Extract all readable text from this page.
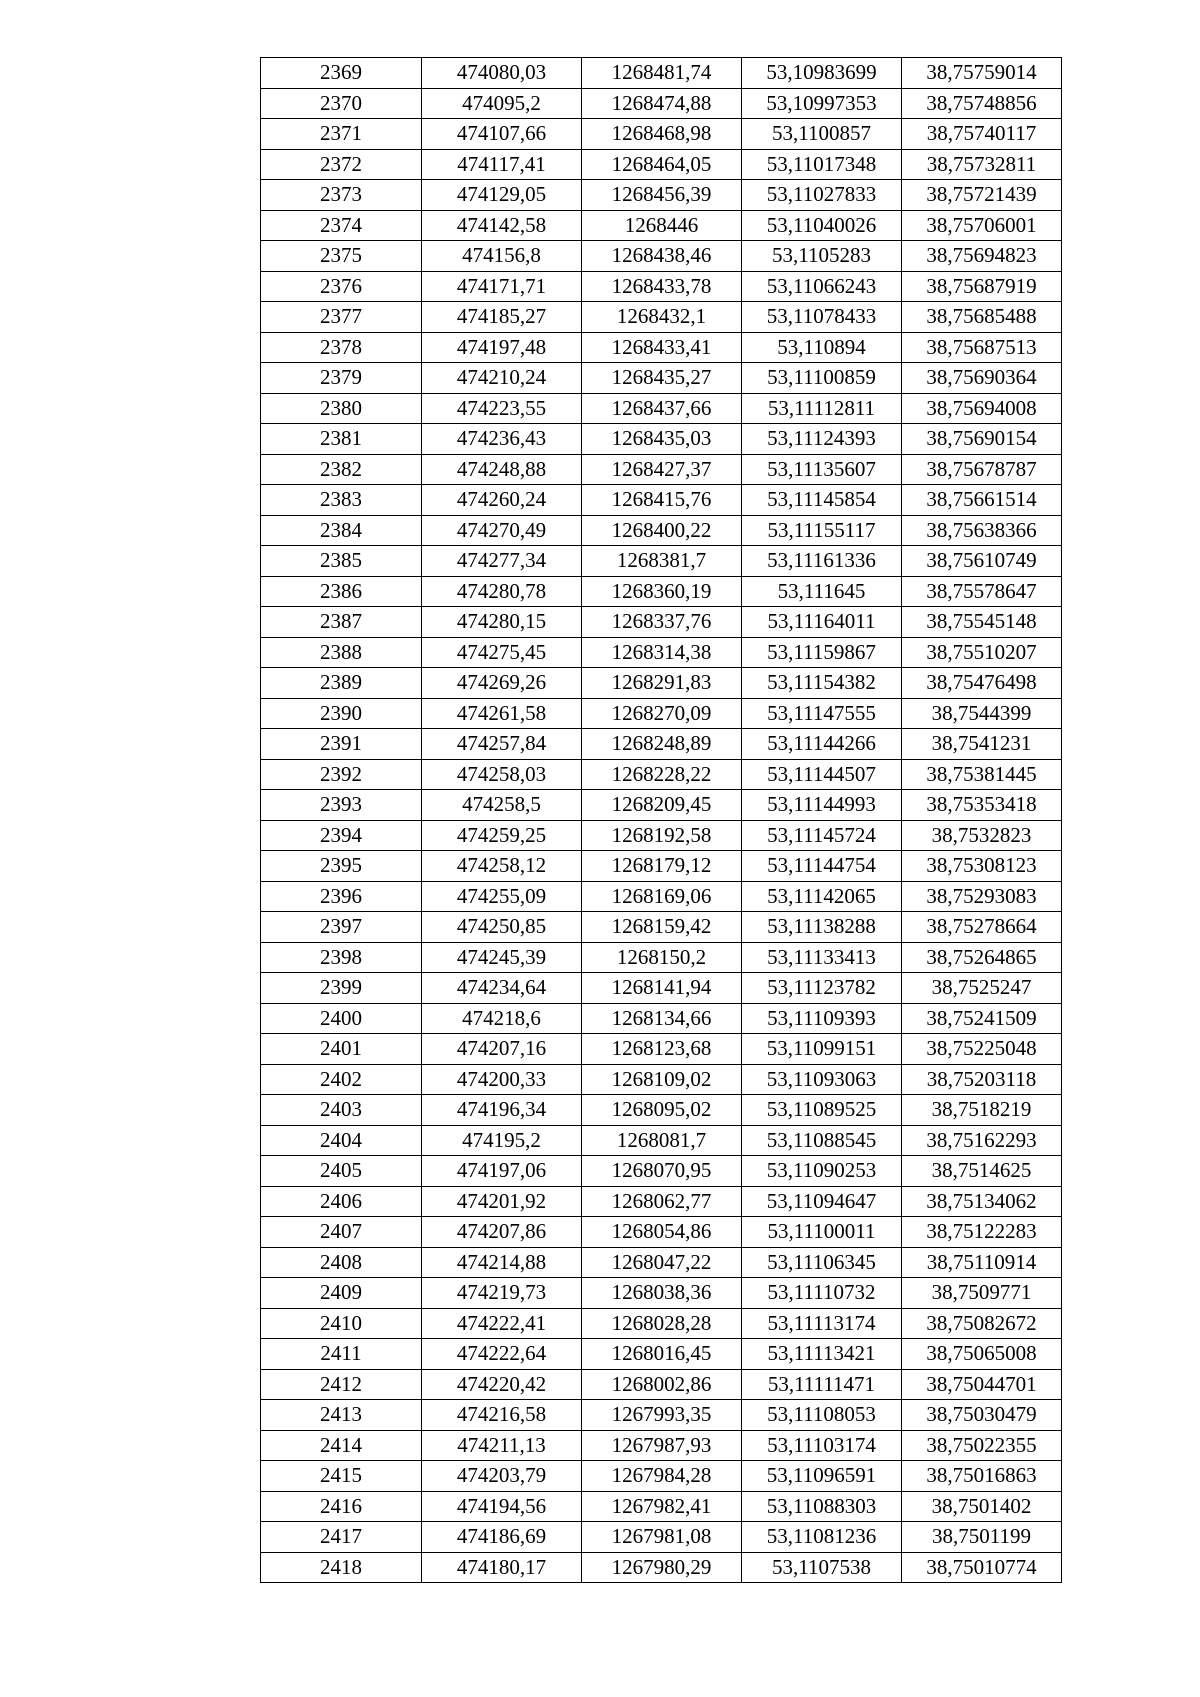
2369	474080,03	1268481,74	53,10983699	38,75759014
2370	474095,2	1268474,88	53,10997353	38,75748856
2371	474107,66	1268468,98	53,1100857	38,75740117
2372	474117,41	1268464,05	53,11017348	38,75732811
2373	474129,05	1268456,39	53,11027833	38,75721439
2374	474142,58	1268446	53,11040026	38,75706001
2375	474156,8	1268438,46	53,1105283	38,75694823
2376	474171,71	1268433,78	53,11066243	38,75687919
2377	474185,27	1268432,1	53,11078433	38,75685488
2378	474197,48	1268433,41	53,110894	38,75687513
2379	474210,24	1268435,27	53,11100859	38,75690364
2380	474223,55	1268437,66	53,11112811	38,75694008
2381	474236,43	1268435,03	53,11124393	38,75690154
2382	474248,88	1268427,37	53,11135607	38,75678787
2383	474260,24	1268415,76	53,11145854	38,75661514
2384	474270,49	1268400,22	53,11155117	38,75638366
2385	474277,34	1268381,7	53,11161336	38,75610749
2386	474280,78	1268360,19	53,111645	38,75578647
2387	474280,15	1268337,76	53,11164011	38,75545148
2388	474275,45	1268314,38	53,11159867	38,75510207
2389	474269,26	1268291,83	53,11154382	38,75476498
2390	474261,58	1268270,09	53,11147555	38,7544399
2391	474257,84	1268248,89	53,11144266	38,7541231
2392	474258,03	1268228,22	53,11144507	38,75381445
2393	474258,5	1268209,45	53,11144993	38,75353418
2394	474259,25	1268192,58	53,11145724	38,7532823
2395	474258,12	1268179,12	53,11144754	38,75308123
2396	474255,09	1268169,06	53,11142065	38,75293083
2397	474250,85	1268159,42	53,11138288	38,75278664
2398	474245,39	1268150,2	53,11133413	38,75264865
2399	474234,64	1268141,94	53,11123782	38,7525247
2400	474218,6	1268134,66	53,11109393	38,75241509
2401	474207,16	1268123,68	53,11099151	38,75225048
2402	474200,33	1268109,02	53,11093063	38,75203118
2403	474196,34	1268095,02	53,11089525	38,7518219
2404	474195,2	1268081,7	53,11088545	38,75162293
2405	474197,06	1268070,95	53,11090253	38,7514625
2406	474201,92	1268062,77	53,11094647	38,75134062
2407	474207,86	1268054,86	53,11100011	38,75122283
2408	474214,88	1268047,22	53,11106345	38,75110914
2409	474219,73	1268038,36	53,11110732	38,7509771
2410	474222,41	1268028,28	53,11113174	38,75082672
2411	474222,64	1268016,45	53,11113421	38,75065008
2412	474220,42	1268002,86	53,11111471	38,75044701
2413	474216,58	1267993,35	53,11108053	38,75030479
2414	474211,13	1267987,93	53,11103174	38,75022355
2415	474203,79	1267984,28	53,11096591	38,75016863
2416	474194,56	1267982,41	53,11088303	38,7501402
2417	474186,69	1267981,08	53,11081236	38,7501199
2418	474180,17	1267980,29	53,1107538	38,75010774
